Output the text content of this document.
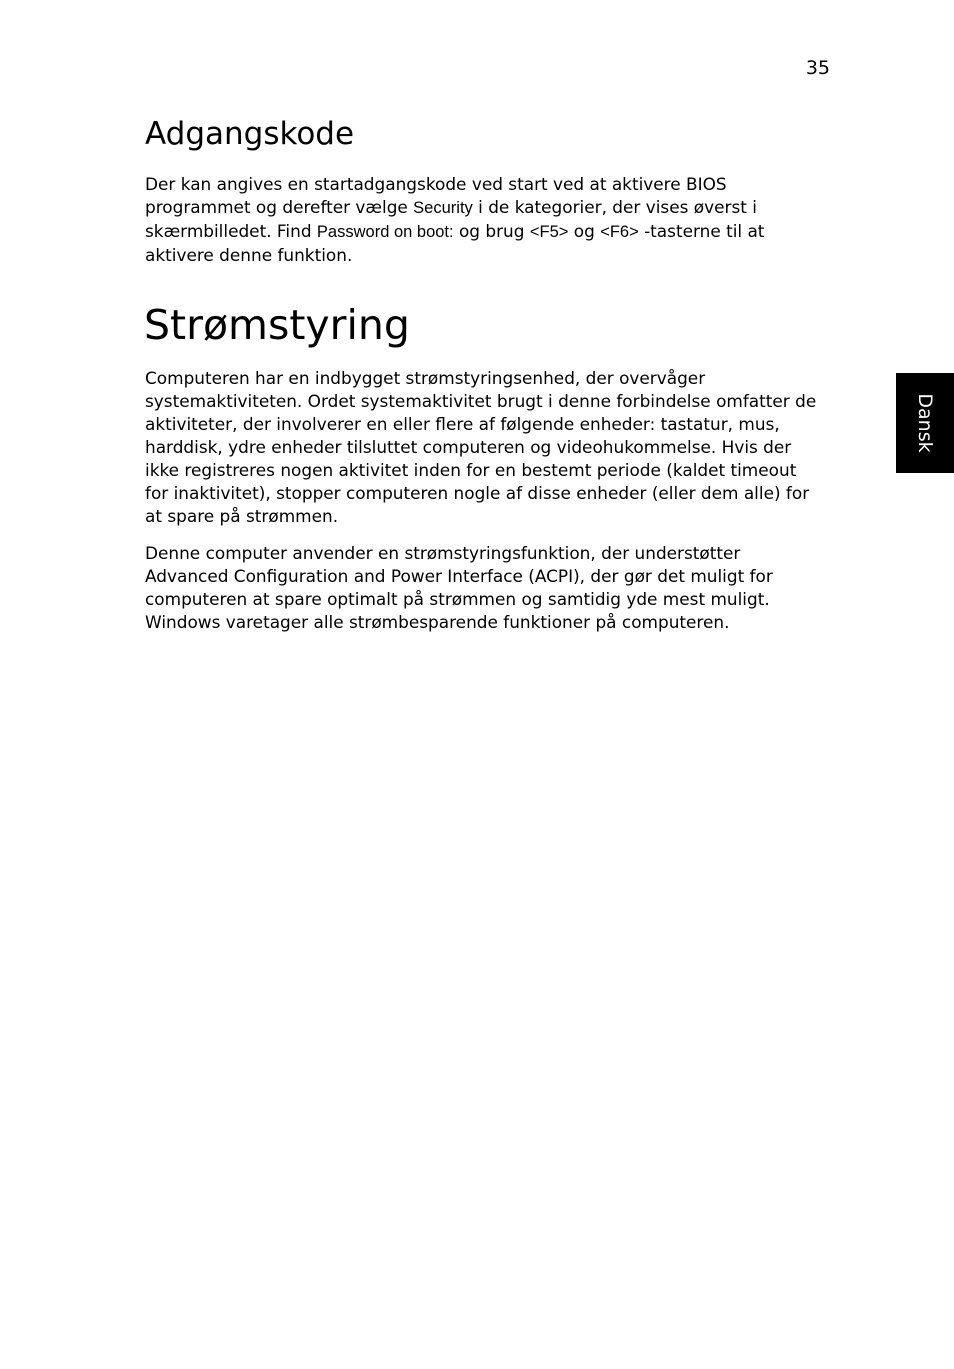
35
Adgangskode

Der kan angives en startadgangskode ved start ved at aktivere BIOS
programmet og derefter vælge Security i de kategorier, der vises øverst i
skærmbilledet. Find Password on boot: og brug <F5> og <F6> -tasterne til at
aktivere denne funktion.

Strømstyring

Computeren har en indbygget strømstyringsenhed, der overvåger
systemaktiviteten. Ordet systemaktivitet brugt i denne forbindelse omfatter de
aktiviteter, der involverer en eller flere af følgende enheder: tastatur, mus,
harddisk, ydre enheder tilsluttet computeren og videohukommelse. Hvis der
ikke registreres nogen aktivitet inden for en bestemt periode (kaldet timeout
for inaktivitet), stopper computeren nogle af disse enheder (eller dem alle) for
at spare på strømmen.

Denne computer anvender en strømstyringsfunktion, der understøtter
Advanced Configuration and Power Interface (ACPI), der gør det muligt for
computeren at spare optimalt på strømmen og samtidig yde mest muligt.
Windows varetager alle strømbesparende funktioner på computeren.

Dansk
